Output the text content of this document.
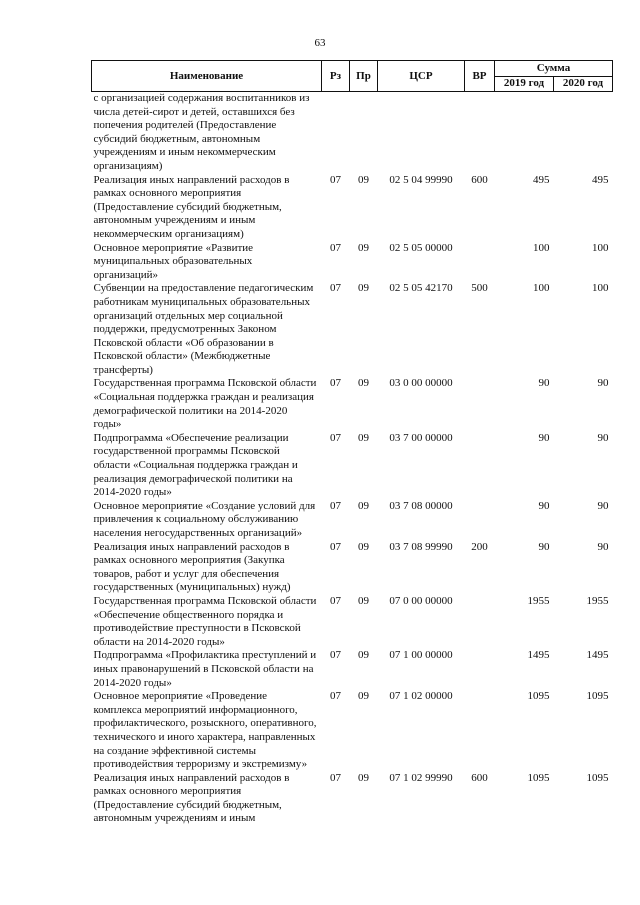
63
Наименование	Рз	Пр	ЦСР	ВР	Сумма	
					2019 год	2020 год
с организацией содержания воспитанников из числа детей-сирот и детей, оставшихся без попечения родителей (Предоставление субсидий бюджетным, автономным учреждениям и иным некоммерческим организациям)						
Реализация иных направлений расходов в рамках основного мероприятия (Предоставление субсидий бюджетным, автономным учреждениям и иным некоммерческим организациям)	07	09	02 5 04 99990	600	495	495
Основное мероприятие «Развитие муниципальных образовательных организаций»	07	09	02 5 05 00000		100	100
Субвенции на предоставление педагогическим работникам муниципальных образовательных организаций отдельных мер социальной поддержки, предусмотренных Законом Псковской области «Об образовании в Псковской области» (Межбюджетные трансферты)	07	09	02 5 05 42170	500	100	100
Государственная программа Псковской области «Социальная поддержка граждан и реализация демографической политики на 2014-2020 годы»	07	09	03 0 00 00000		90	90
Подпрограмма «Обеспечение реализации государственной программы Псковской области «Социальная поддержка граждан и реализация демографической политики на 2014-2020 годы»	07	09	03 7 00 00000		90	90
Основное мероприятие «Создание условий для привлечения к социальному обслуживанию населения негосударственных организаций»	07	09	03 7 08 00000		90	90
Реализация иных направлений расходов в рамках основного мероприятия (Закупка товаров, работ и услуг для обеспечения государственных (муниципальных) нужд)	07	09	03 7 08 99990	200	90	90
Государственная программа Псковской области «Обеспечение общественного порядка и противодействие преступности в Псковской области на 2014-2020 годы»	07	09	07 0 00 00000		1955	1955
Подпрограмма «Профилактика преступлений и иных правонарушений в Псковской области на 2014-2020 годы»	07	09	07 1 00 00000		1495	1495
Основное мероприятие «Проведение комплекса мероприятий информационного, профилактического, розыскного, оперативного, технического и иного характера, направленных на создание эффективной системы противодействия терроризму и экстремизму»	07	09	07 1 02 00000		1095	1095
Реализация иных направлений расходов в рамках основного мероприятия (Предоставление субсидий бюджетным, автономным учреждениям и иным	07	09	07 1 02 99990	600	1095	1095
